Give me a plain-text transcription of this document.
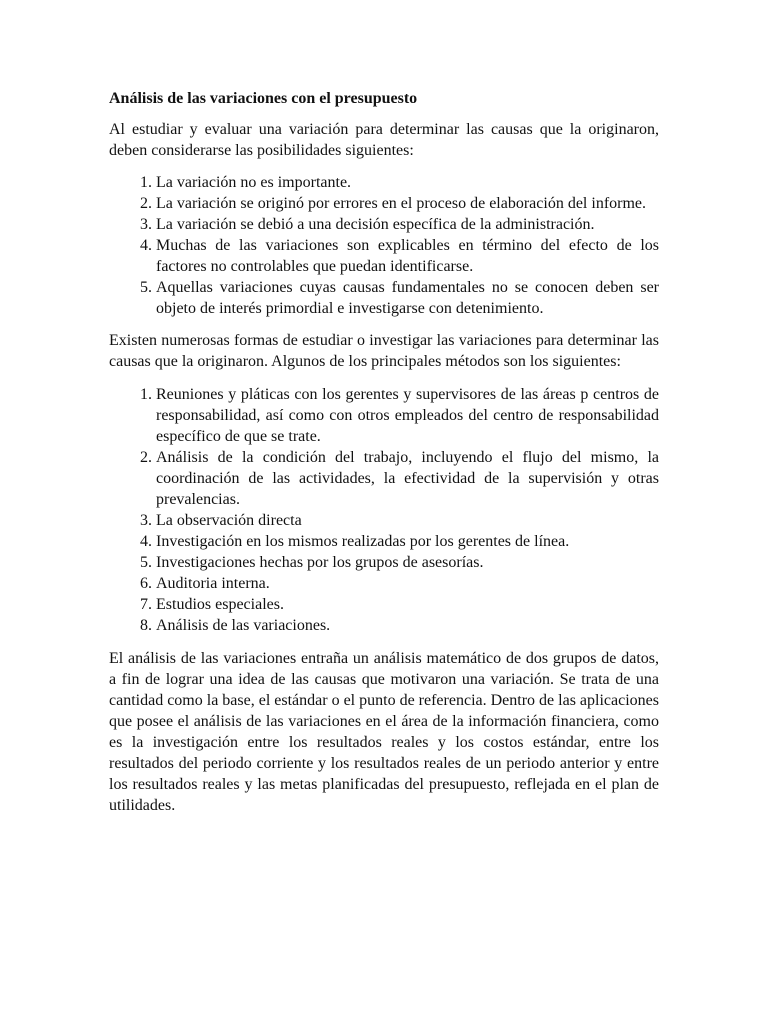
Análisis de las variaciones con el presupuesto

Al estudiar y evaluar una variación para determinar las causas que la originaron, deben considerarse las posibilidades siguientes:

1. La variación no es importante.
2. La variación se originó por errores en el proceso de elaboración del informe.
3. La variación se debió a una decisión específica de la administración.
4. Muchas de las variaciones son explicables en término del efecto de los factores no controlables que puedan identificarse.
5. Aquellas variaciones cuyas causas fundamentales no se conocen deben ser objeto de interés primordial e investigarse con detenimiento.

Existen numerosas formas de estudiar o investigar las variaciones para determinar las causas que la originaron. Algunos de los principales métodos son los siguientes:

1. Reuniones y pláticas con los gerentes y supervisores de las áreas p centros de responsabilidad, así como con otros empleados del centro de responsabilidad específico de que se trate.
2. Análisis de la condición del trabajo, incluyendo el flujo del mismo, la coordinación de las actividades, la efectividad de la supervisión y otras prevalencias.
3. La observación directa
4. Investigación en los mismos realizadas por los gerentes de línea.
5. Investigaciones hechas por los grupos de asesorías.
6. Auditoria interna.
7. Estudios especiales.
8. Análisis de las variaciones.

El análisis de las variaciones entraña un análisis matemático de dos grupos de datos, a fin de lograr una idea de las causas que motivaron una variación. Se trata de una cantidad como la base, el estándar o el punto de referencia. Dentro de las aplicaciones que posee el análisis de las variaciones en el área de la información financiera, como es la investigación entre los resultados reales y los costos estándar, entre los resultados del periodo corriente y los resultados reales de un periodo anterior y entre los resultados reales y las metas planificadas del presupuesto, reflejada en el plan de utilidades.
